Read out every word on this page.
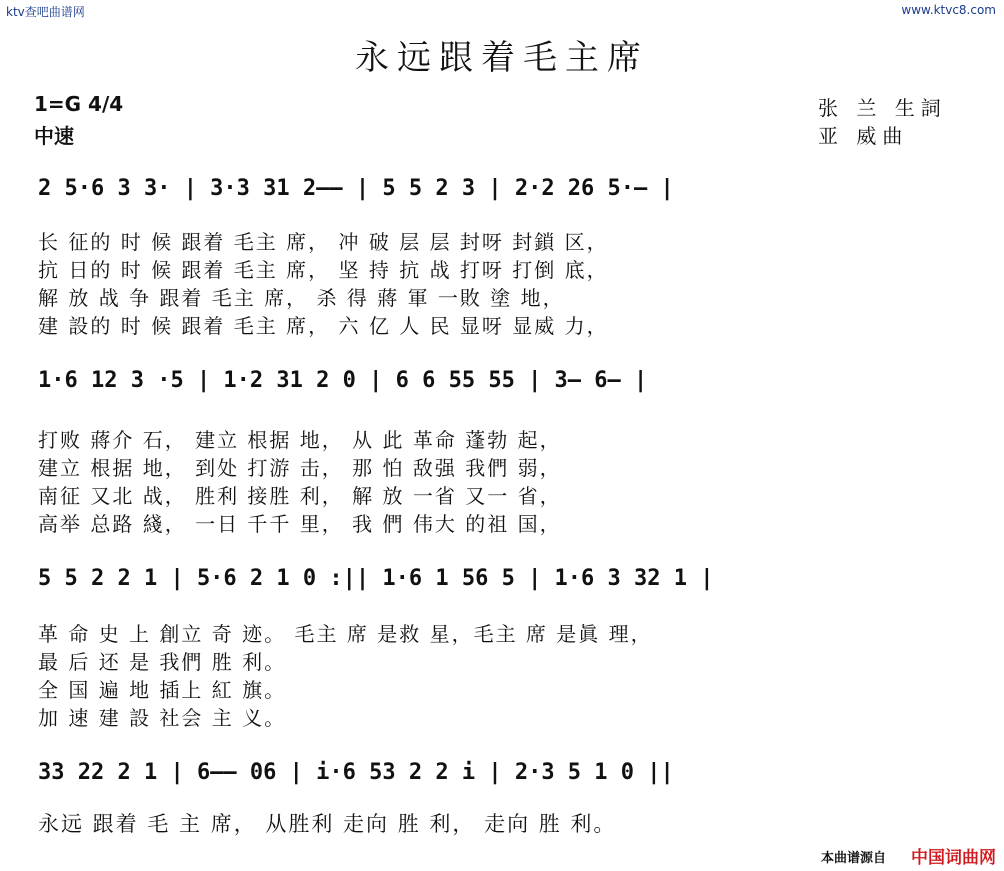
ktv查吧曲谱网	www.ktvc8.com
永远跟着毛主席
1=G 4/4
中速
张 兰 生詞
亚 威曲
2 5·6 3 3· | 3·3 31 2—— | 5 5 2 3 | 2·2 26 5·— |
长 征的 时 候 跟着 毛主 席， 冲 破 层 层 封呀 封鎖 区，
抗 日的 时 候 跟着 毛主 席， 坚 持 抗 战 打呀 打倒 底，
解 放 战 争 跟着 毛主 席， 杀 得 蔣 軍 一敗 塗 地，
建 設的 时 候 跟着 毛主 席， 六 亿 人 民 显呀 显威 力，
1·6 12 3 ·5 | 1·2 31 2 0 | 6 6 55 55 | 3— 6— |
打败 蔣介 石， 建立 根据 地， 从 此 革命 蓬勃 起，
建立 根据 地， 到处 打游 击， 那 怕 敌强 我們 弱，
南征 又北 战， 胜利 接胜 利， 解 放 一省 又一 省，
高举 总路 綫， 一日 千千 里， 我 們 伟大 的祖 国，
5 5 2 2 1 | 5·6 2 1 0 :|| 1·6 1 56 5 | 1·6 3 32 1 |
革 命 史 上 創立 奇 迹。 毛主 席 是救 星，毛主 席 是眞 理，
最 后 还 是 我們 胜 利。
全 国 遍 地 插上 紅 旗。
加 速 建 設 社会 主 义。
33 22 2 1 | 6—— 06 | i·6 53 2 2 i | 2·3 5 1 0 ||
永远 跟着 毛 主 席， 从胜利 走向 胜 利， 走向 胜 利。
本曲谱源自 中国词曲网
